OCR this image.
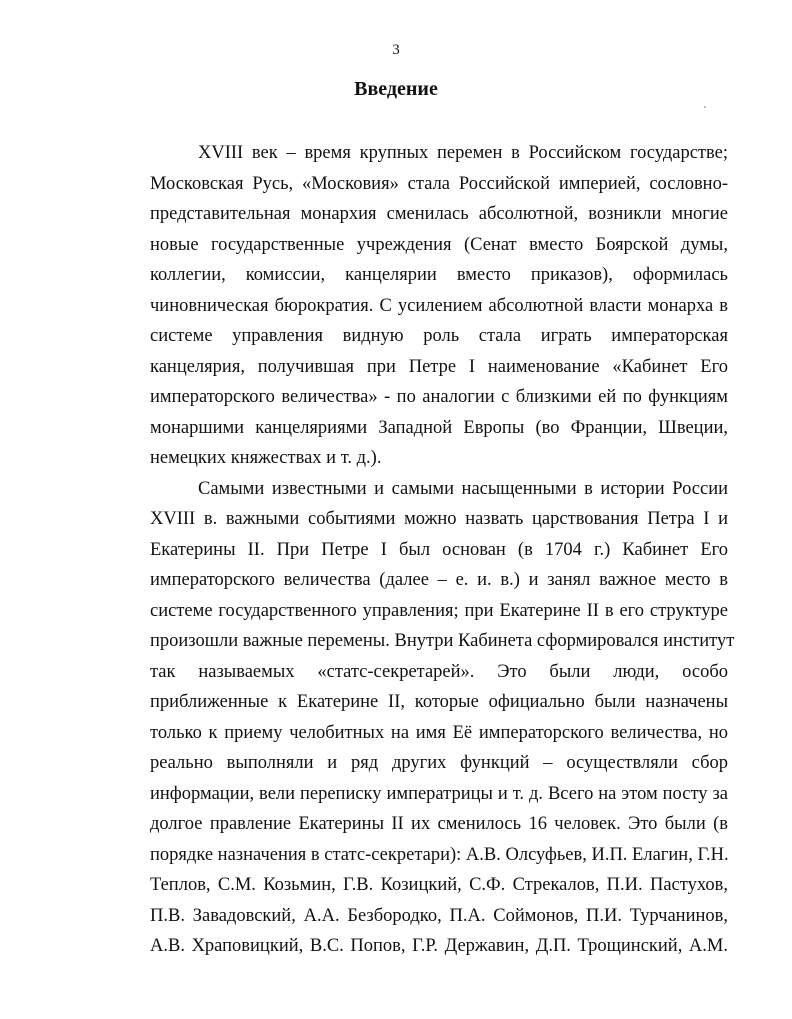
3
Введение
XVIII век – время крупных перемен в Российском государстве;
Московская Русь, «Московия» стала Российской империей, сословно-
представительная монархия сменилась абсолютной, возникли многие
новые государственные учреждения (Сенат вместо Боярской думы,
коллегии, комиссии, канцелярии вместо приказов), оформилась
чиновническая бюрократия. С усилением абсолютной власти монарха в
системе управления видную роль стала играть императорская
канцелярия, получившая при Петре I наименование «Кабинет Его
императорского величества» - по аналогии с близкими ей по функциям
монаршими канцеляриями Западной Европы (во Франции, Швеции,
немецких княжествах и т. д.).
Самыми известными и самыми насыщенными в истории России
XVIII в. важными событиями можно назвать царствования Петра I и
Екатерины II. При Петре I был основан (в 1704 г.) Кабинет Его
императорского величества (далее – е. и. в.) и занял важное место в
системе государственного управления; при Екатерине II в его структуре
произошли важные перемены. Внутри Кабинета сформировался институт
так называемых «статс-секретарей». Это были люди, особо
приближенные к Екатерине II, которые официально были назначены
только к приему челобитных на имя Её императорского величества, но
реально выполняли и ряд других функций – осуществляли сбор
информации, вели переписку императрицы и т. д. Всего на этом посту за
долгое правление Екатерины II их сменилось 16 человек. Это были (в
порядке назначения в статс-секретари): А.В. Олсуфьев, И.П. Елагин, Г.Н.
Теплов, С.М. Козьмин, Г.В. Козицкий, С.Ф. Стрекалов, П.И. Пастухов,
П.В. Завадовский, А.А. Безбородко, П.А. Соймонов, П.И. Турчанинов,
А.В. Храповицкий, В.С. Попов, Г.Р. Державин, Д.П. Трощинский, А.М.
